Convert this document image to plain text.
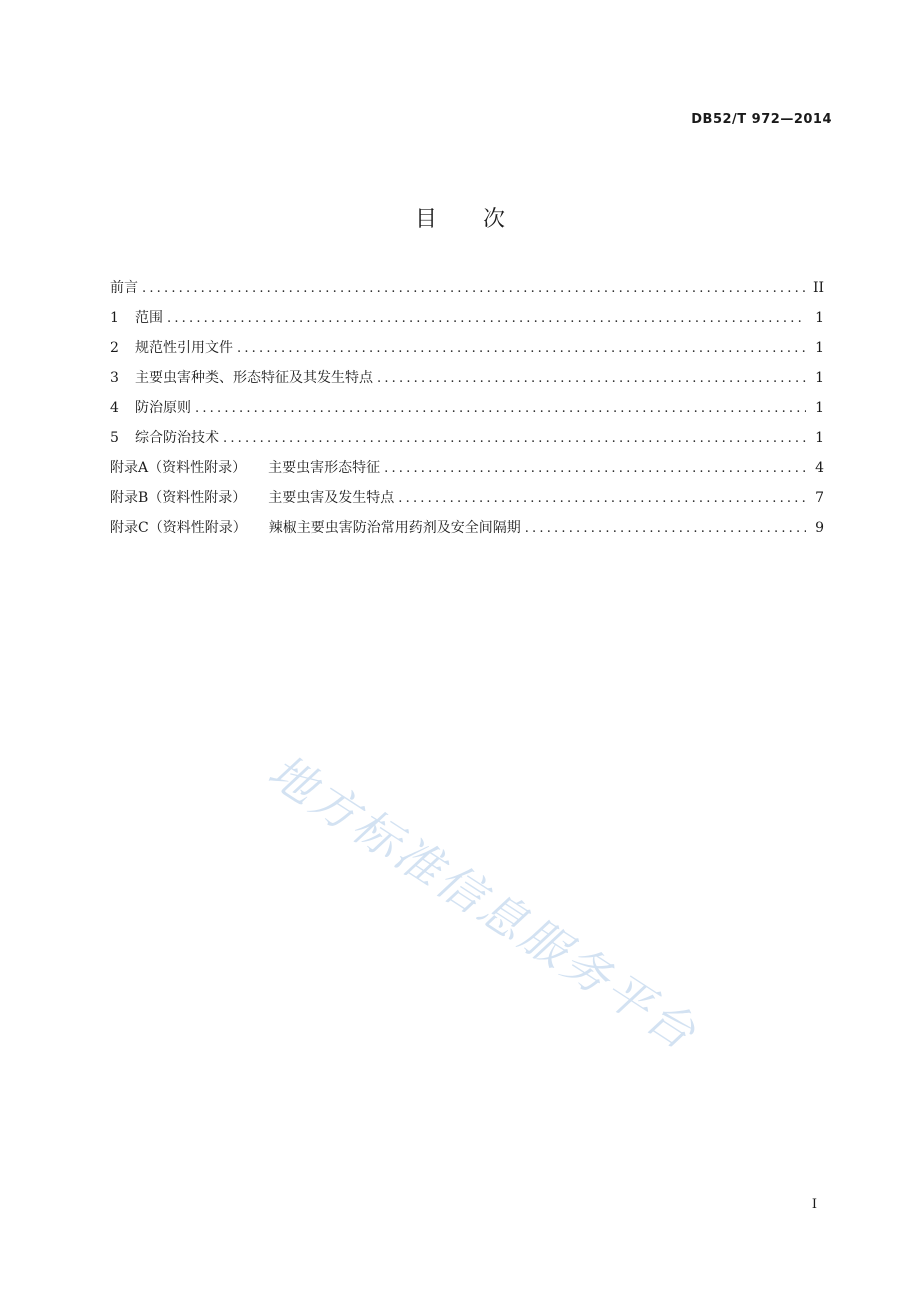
DB52/T 972—2014
目 次
前言 .....	II
1	范围 .....	1
2	规范性引用文件 .....	1
3	主要虫害种类、形态特征及其发生特点 .....	1
4	防治原则 .....	1
5	综合防治技术 .....	1
附录A（资料性附录） 主要虫害形态特征 .....	4
附录B（资料性附录） 主要虫害及发生特点 .....	7
附录C（资料性附录） 辣椒主要虫害防治常用药剂及安全间隔期 .....	9
地方标准信息服务平台
I
